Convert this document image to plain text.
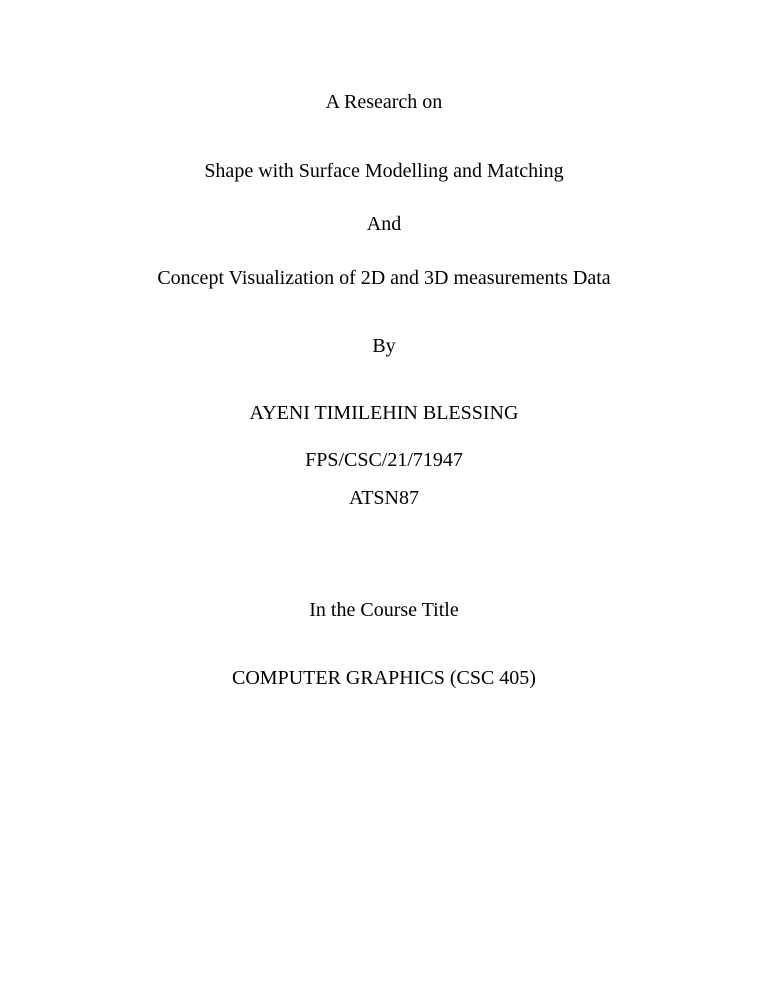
A Research on
Shape with Surface Modelling and Matching
And
Concept Visualization of 2D and 3D measurements Data
By
AYENI TIMILEHIN BLESSING
FPS/CSC/21/71947
ATSN87
In the Course Title
COMPUTER GRAPHICS (CSC 405)
